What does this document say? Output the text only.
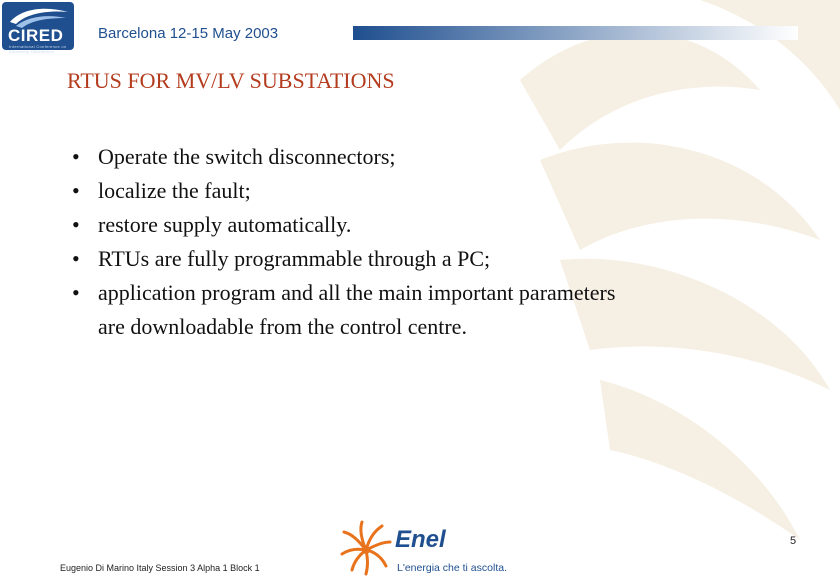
CIRED
International Conference on Electricity Distribution
Barcelona 12-15 May 2003
RTUS FOR MV/LV SUBSTATIONS
• Operate the switch disconnectors;
• localize the fault;
• restore supply automatically.
• RTUs are fully programmable through a PC;
• application program and all the main important parameters
are downloadable from the control centre.
5
Enel
L'energia che ti ascolta.
Eugenio Di Marino Italy Session 3 Alpha 1 Block 1
